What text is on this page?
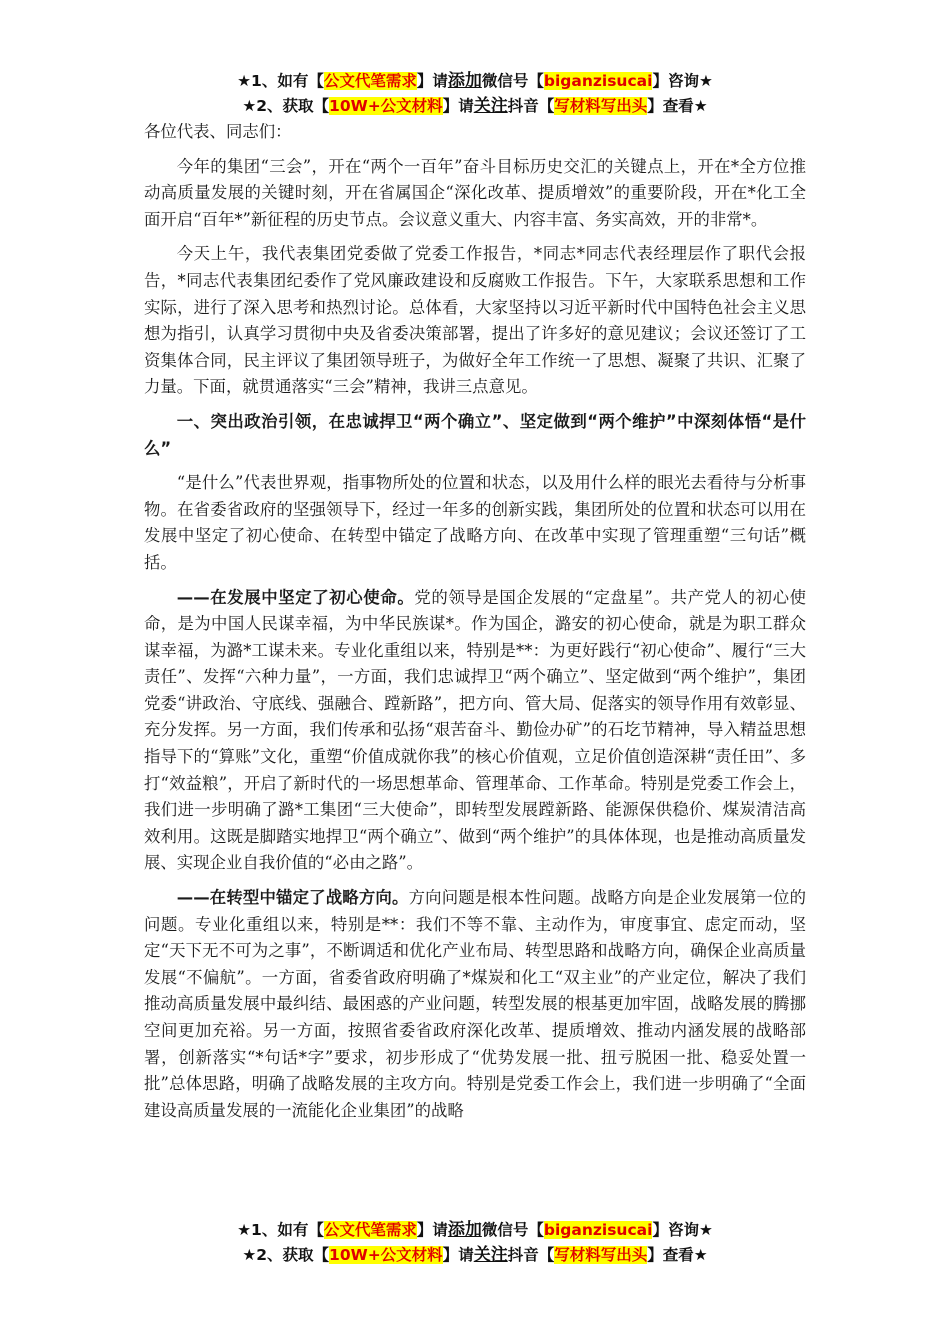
★1、如有【公文代笔需求】请添加微信号【biganzisucai】咨询★
★2、获取【10W+公文材料】请关注抖音【写材料写出头】查看★

各位代表、同志们：

今年的集团“三会”，开在“两个一百年”奋斗目标历史交汇的关键点上，开在*全方位推动高质量发展的关键时刻，开在省属国企“深化改革、提质增效”的重要阶段，开在*化工全面开启“百年*”新征程的历史节点。会议意义重大、内容丰富、务实高效，开的非常*。

今天上午，我代表集团党委做了党委工作报告，*同志*同志代表经理层作了职代会报告，*同志代表集团纪委作了党风廉政建设和反腐败工作报告。下午，大家联系思想和工作实际，进行了深入思考和热烈讨论。总体看，大家坚持以习近平新时代中国特色社会主义思想为指引，认真学习贯彻中央及省委决策部署，提出了许多好的意见建议；会议还签订了工资集体合同，民主评议了集团领导班子，为做好全年工作统一了思想、凝聚了共识、汇聚了力量。下面，就贯通落实“三会”精神，我讲三点意见。

一、突出政治引领，在忠诚捍卫“两个确立”、坚定做到“两个维护”中深刻体悟“是什么”

“是什么”代表世界观，指事物所处的位置和状态，以及用什么样的眼光去看待与分析事物。在省委省政府的坚强领导下，经过一年多的创新实践，集团所处的位置和状态可以用在发展中坚定了初心使命、在转型中锚定了战略方向、在改革中实现了管理重塑“三句话”概括。

——在发展中坚定了初心使命。党的领导是国企发展的“定盘星”。共产党人的初心使命，是为中国人民谋幸福，为中华民族谋*。作为国企，潞安的初心使命，就是为职工群众谋幸福，为潞*工谋未来。专业化重组以来，特别是**：为更好践行“初心使命”、履行“三大责任”、发挥“六种力量”，一方面，我们忠诚捍卫“两个确立”、坚定做到“两个维护”，集团党委“讲政治、守底线、强融合、蹚新路”，把方向、管大局、促落实的领导作用有效彰显、充分发挥。另一方面，我们传承和弘扬“艰苦奋斗、勤俭办矿”的石圪节精神，导入精益思想指导下的“算账”文化，重塑“价值成就你我”的核心价值观，立足价值创造深耕“责任田”、多打“效益粮”，开启了新时代的一场思想革命、管理革命、工作革命。特别是党委工作会上，我们进一步明确了潞*工集团“三大使命”，即转型发展蹚新路、能源保供稳价、煤炭清洁高效利用。这既是脚踏实地捍卫“两个确立”、做到“两个维护”的具体体现，也是推动高质量发展、实现企业自我价值的“必由之路”。

——在转型中锚定了战略方向。方向问题是根本性问题。战略方向是企业发展第一位的问题。专业化重组以来，特别是**：我们不等不靠、主动作为，审度事宜、虑定而动，坚定“天下无不可为之事”，不断调适和优化产业布局、转型思路和战略方向，确保企业高质量发展“不偏航”。一方面，省委省政府明确了*煤炭和化工“双主业”的产业定位，解决了我们推动高质量发展中最纠结、最困惑的产业问题，转型发展的根基更加牢固，战略发展的腾挪空间更加充裕。另一方面，按照省委省政府深化改革、提质增效、推动内涵发展的战略部署，创新落实“*句话*字”要求，初步形成了“优势发展一批、扭亏脱困一批、稳妥处置一批”总体思路，明确了战略发展的主攻方向。特别是党委工作会上，我们进一步明确了“全面建设高质量发展的一流能化企业集团”的战略

★1、如有【公文代笔需求】请添加微信号【biganzisucai】咨询★
★2、获取【10W+公文材料】请关注抖音【写材料写出头】查看★
